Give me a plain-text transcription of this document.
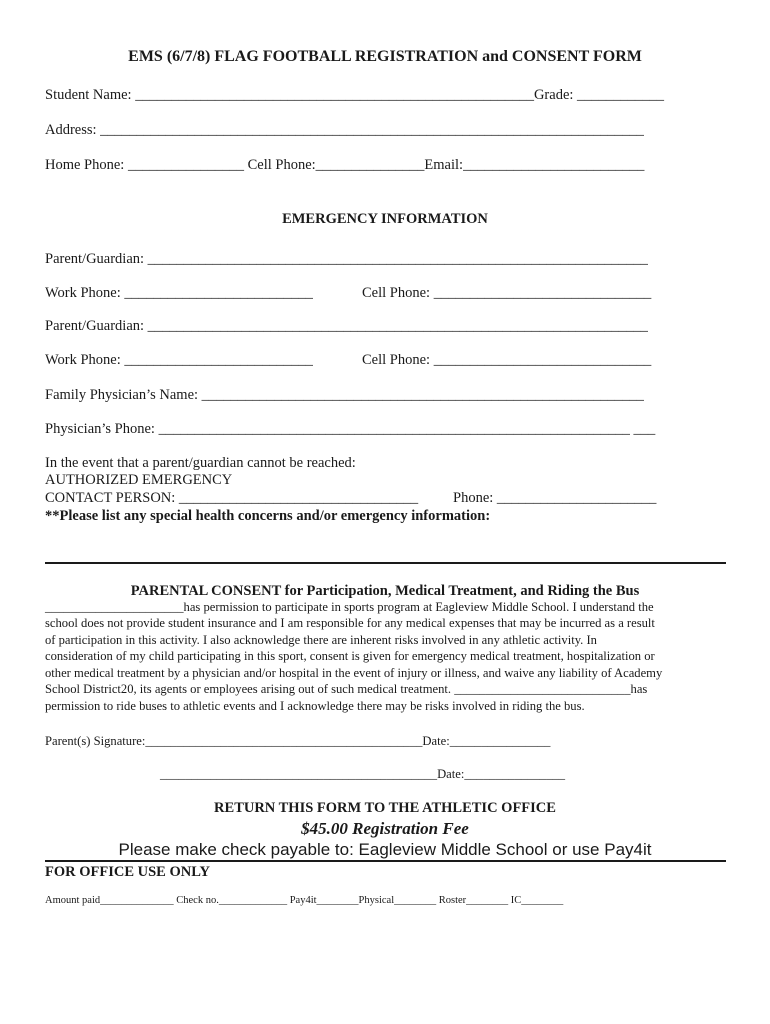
EMS (6/7/8) FLAG FOOTBALL REGISTRATION and CONSENT FORM
Student Name: _______________________________________________________Grade: ____________
Address: ___________________________________________________________________________
Home Phone: ________________ Cell Phone:_______________Email:_________________________
EMERGENCY INFORMATION
Parent/Guardian: _____________________________________________________________________
Work Phone: __________________________	Cell Phone: ______________________________
Parent/Guardian: _____________________________________________________________________
Work Phone: __________________________	Cell Phone: ______________________________
Family Physician’s Name: _____________________________________________________________
Physician’s Phone: _________________________________________________________________ ___
In the event that a parent/guardian cannot be reached:
AUTHORIZED EMERGENCY
CONTACT PERSON: _________________________________ Phone: ______________________
**Please list any special health concerns and/or emergency information:
PARENTAL CONSENT for Participation, Medical Treatment, and Riding the Bus
______________________has permission to participate in sports program at Eagleview Middle School. I understand the
school does not provide student insurance and I am responsible for any medical expenses that may be incurred as a result
of participation in this activity. I also acknowledge there are inherent risks involved in any athletic activity. In
consideration of my child participating in this sport, consent is given for emergency medical treatment, hospitalization or
other medical treatment by a physician and/or hospital in the event of injury or illness, and waive any liability of Academy
School District20, its agents or employees arising out of such medical treatment. ____________________________has
permission to ride buses to athletic events and I acknowledge there may be risks involved in riding the bus.
Parent(s) Signature:____________________________________________Date:________________
____________________________________________Date:________________
RETURN THIS FORM TO THE ATHLETIC OFFICE
$45.00 Registration Fee
Please make check payable to: Eagleview Middle School or use Pay4it
FOR OFFICE USE ONLY
Amount paid______________ Check no._____________ Pay4it________Physical________ Roster________ IC________
